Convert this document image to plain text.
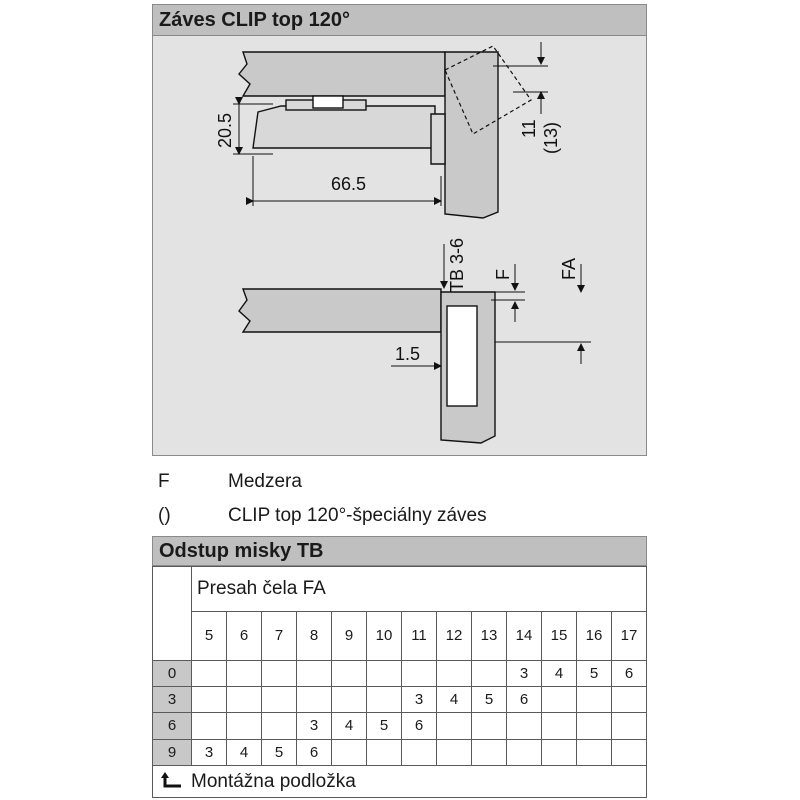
Záves CLIP top 120°
20.5
66.5
11 (13)
TB 3-6 F	FA
1.5
F	Medzera
()	CLIP top 120°-špeciálny záves
Odstup misky TB
	Presah čela FA												
	5	6	7	8	9	10	11	12	13	14	15	16	17
0										3	4	5	6
3							3	4	5	6			
6				3	4	5	6						
9	3	4	5	6									
Montážna podložka
